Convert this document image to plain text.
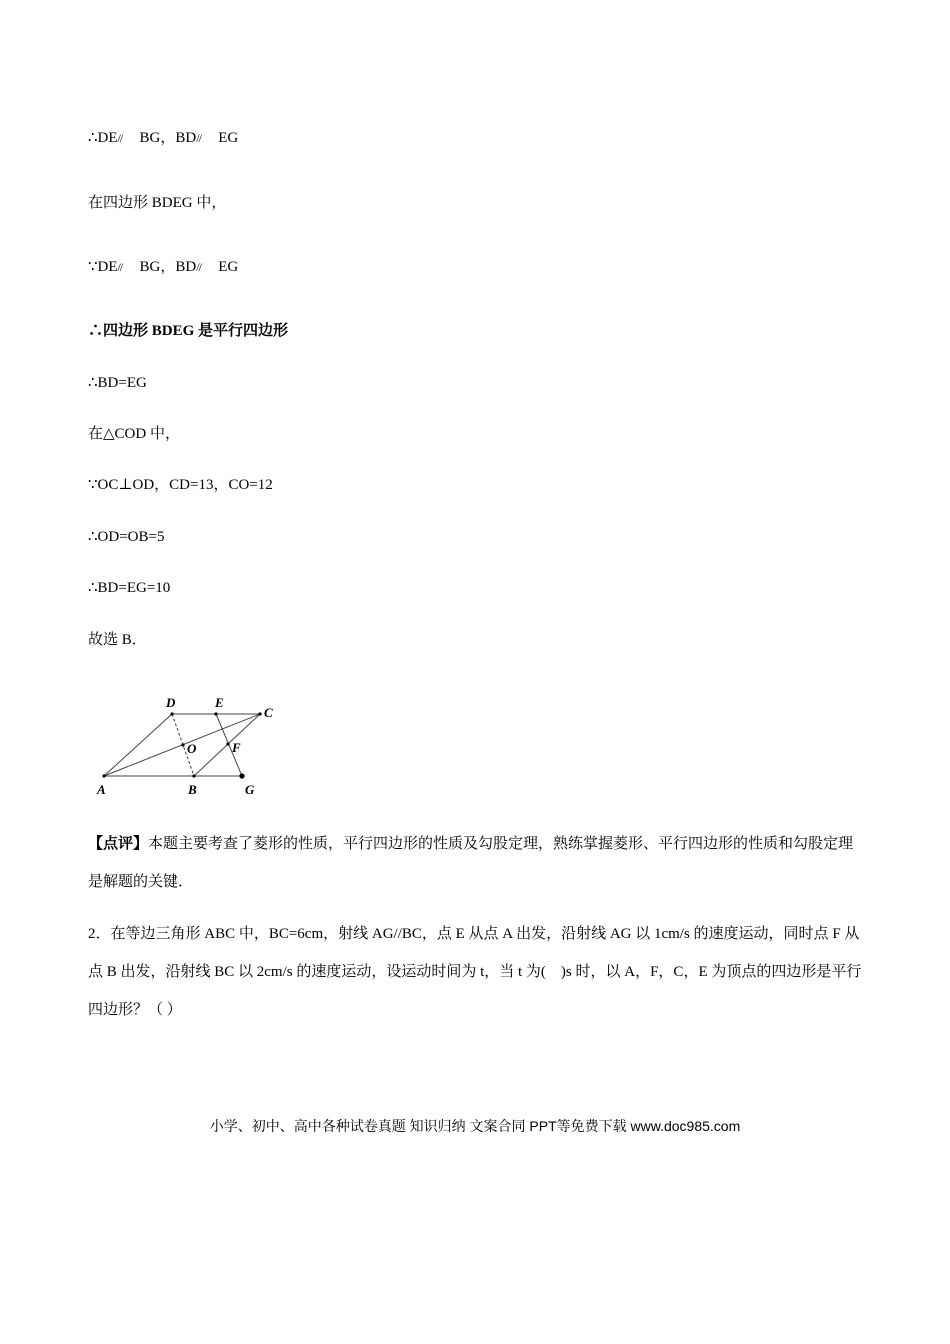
∴DE // BG，BD // EG
在四边形 BDEG 中，
∵DE // BG，BD // EG
∴四边形 BDEG 是平行四边形
∴BD=EG
在△COD 中，
∵OC⊥OD，CD=13，CO=12
∴OD=OB=5
∴BD=EG=10
故选 B．
D	E
C
O	F
A	B	G
【点评】本题主要考查了菱形的性质，平行四边形的性质及勾股定理，熟练掌握菱形、平行四边形的性质和勾股定理是解题的关键．
2．在等边三角形 ABC 中，BC=6cm，射线 AG//BC，点 E 从点 A 出发，沿射线 AG 以 1cm/s 的速度运动，同时点 F 从点 B 出发，沿射线 BC 以 2cm/s 的速度运动，设运动时间为 t，当 t 为(　)s 时，以 A，F，C，E 为顶点的四边形是平行四边形？（ ）
小学、初中、高中各种试卷真题 知识归纳 文案合同 PPT等免费下载 www.doc985.com
